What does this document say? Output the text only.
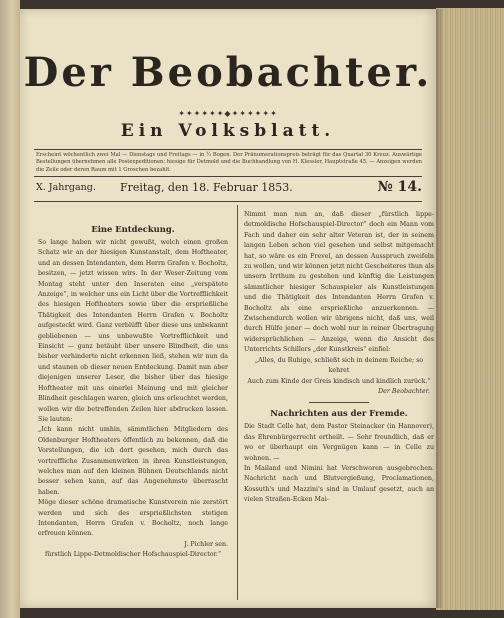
Der Beobachter.
✦✦✦✦✦✦◆✦✦✦✦✦✦
Ein Volksblatt.
Erscheint wöchentlich zwei Mal — Dienstags und Freitags — in ½ Bogen. Der Pränumerationspreis beträgt für das Quartal 30 Kreuz. Auswärtige Bestellungen übernehmen alle Postexpeditionen; hiesige für Detmold und die Buchhandlung von H. Klessler, Hauptstraße 45. — Anzeigen werden die Zeile oder deren Raum mit 1 Groschen bezahlt.
X. Jahrgang. Freitag, den 18. Februar 1853.	№ 14.
Eine Entdeckung.

So lange haben wir nicht gewußt, welch einen großen Schatz wir an der hiesigen Kunstanstalt, dem Hoftheater, und an dessen Intendanten, dem Herrn Grafen v. Bocholtz, besitzen, — jetzt wissen wirs. In der Weser-Zeitung vom Montag steht unter den Inseraten eine „verspätete Anzeige“, in welcher uns ein Licht über die Vortrefflichkeit des hiesigen Hoftheaters sowie über die ersprießliche Thätigkeit des Intendanten Herrn Grafen v. Bocholtz aufgesteckt wird. Ganz verblüfft über diese uns unbekannt gebliebenen — uns unbewußte Vortrefflichkeit und Einsicht — ganz betäubt über unsere Blindheit, die uns bisher verhinderte nicht erkennen ließ, stehen wir nun da und staunen ob dieser neuen Entdeckung. Damit nun aber diejenigen unserer Leser, die bisher über das hiesige Hoftheater mit uns einerlei Meinung und mit gleicher Blindheit geschlagen waren, gleich uns erleuchtet werden, wollen wir die betreffenden Zeilen hier abdrucken lassen. Sie lauten:

„Ich kann nicht umhin, sämmtlichen Mitgliedern des Oldenburger Hoftheaters öffentlich zu bekennen, daß die Vorstellungen, die ich dort gesehen, mich durch das vortreffliche Zusammenwirken in ihren Kunstleistungen, welches man auf den kleinen Bühnen Deutschlands nicht besser sehen kann, auf das Angenehmste überrascht haben.

Möge dieser schöne dramatische Kunstverein nie zerstört werden und sich des ersprießlichsten stetigen Intendanten, Herrn Grafen v. Bocholtz, noch lange erfreuen können.

J. Pichler sen.

fürstlich Lippe-Detmoldischer Hofschauspiel-Director.“

Nimmt man nun an, daß dieser „fürstlich lippe-detmoldische Hofschauspiel-Director“ doch ein Mann vom Fach und daher ein sehr alter Veteran ist, der in seinem langen Leben schon viel gesehen und selbst mitgemacht hat, so wäre es ein Frevel, an dessen Ausspruch zweifeln zu wollen, und wir können jetzt nicht Gescheiteres thun als unsern Irrthum zu gestehen und künftig die Leistungen sämmtlicher hiesiger Schauspieler als Kunstleistungen und die Thätigkeit des Intendanten Herrn Grafen v. Bocholtz als eine ersprießliche anzuerkennen. — Zwischendurch wollen wir übrigens nicht, daß uns, weil durch Hülfe jener — doch wohl nur in reiner Übertragung widersprüchlichen — Anzeige, wenn die Ansicht des Unterrichts Schillers „der Kunstkreis“ einfiel:

„Alles, du Ruhige, schließt sich in deinem Reiche; so kehret

Auch zum Kinde der Greis kindisch und kindlich zurück.“

Der Beobachter.

Nachrichten aus der Fremde.

Die Stadt Celle hat, dem Pastor Steinacker (in Hannover), das Ehrenbürgerrecht ertheilt. — Sehr freundlich, daß er wo er überhaupt ein Vergnügen kann — in Celle zu wohnen. —

In Mailand und Nimini hat Verschworen ausgebrochen. Nachricht nach und Blutvergießung, Proclamationen, Kossuth's und Mazzini's sind in Umlauf gesetzt, auch an vielen Straßen-Ecken Mai-
